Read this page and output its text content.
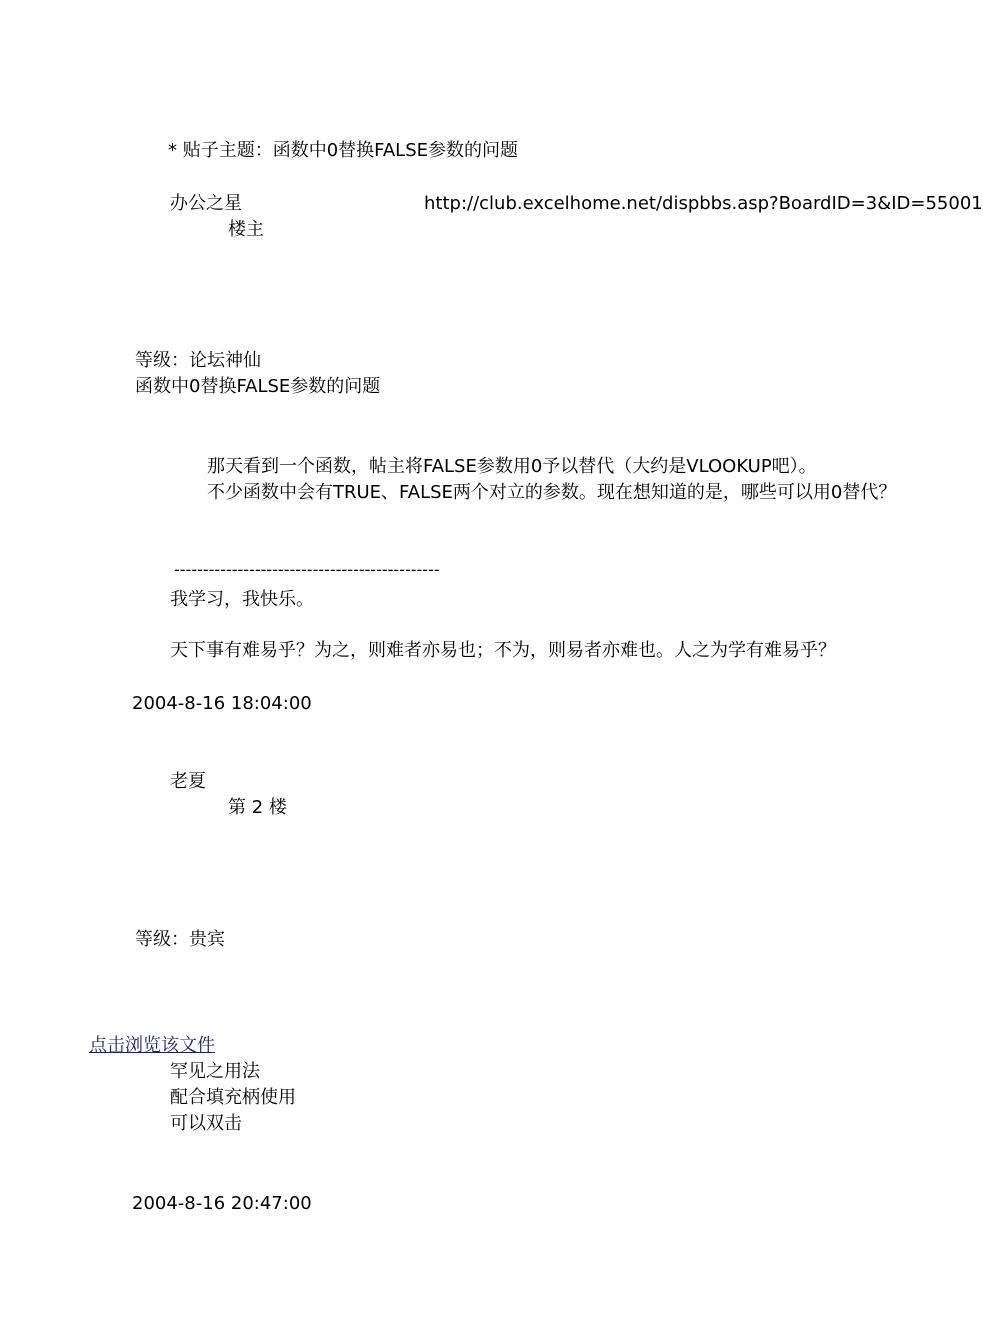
* 贴子主题：函数中0替换FALSE参数的问题
办公之星	http://club.excelhome.net/dispbbs.asp?BoardID=3&ID=55001
楼主
等级：论坛神仙
函数中0替换FALSE参数的问题
那天看到一个函数，帖主将FALSE参数用0予以替代（大约是VLOOKUP吧）。
不少函数中会有TRUE、FALSE两个对立的参数。现在想知道的是，哪些可以用0替代？
----------------------------------------------
我学习，我快乐。
天下事有难易乎？为之，则难者亦易也；不为，则易者亦难也。人之为学有难易乎？
2004-8-16 18:04:00
老夏
第 2 楼
等级：贵宾
点击浏览该文件
罕见之用法
配合填充柄使用
可以双击
2004-8-16 20:47:00
